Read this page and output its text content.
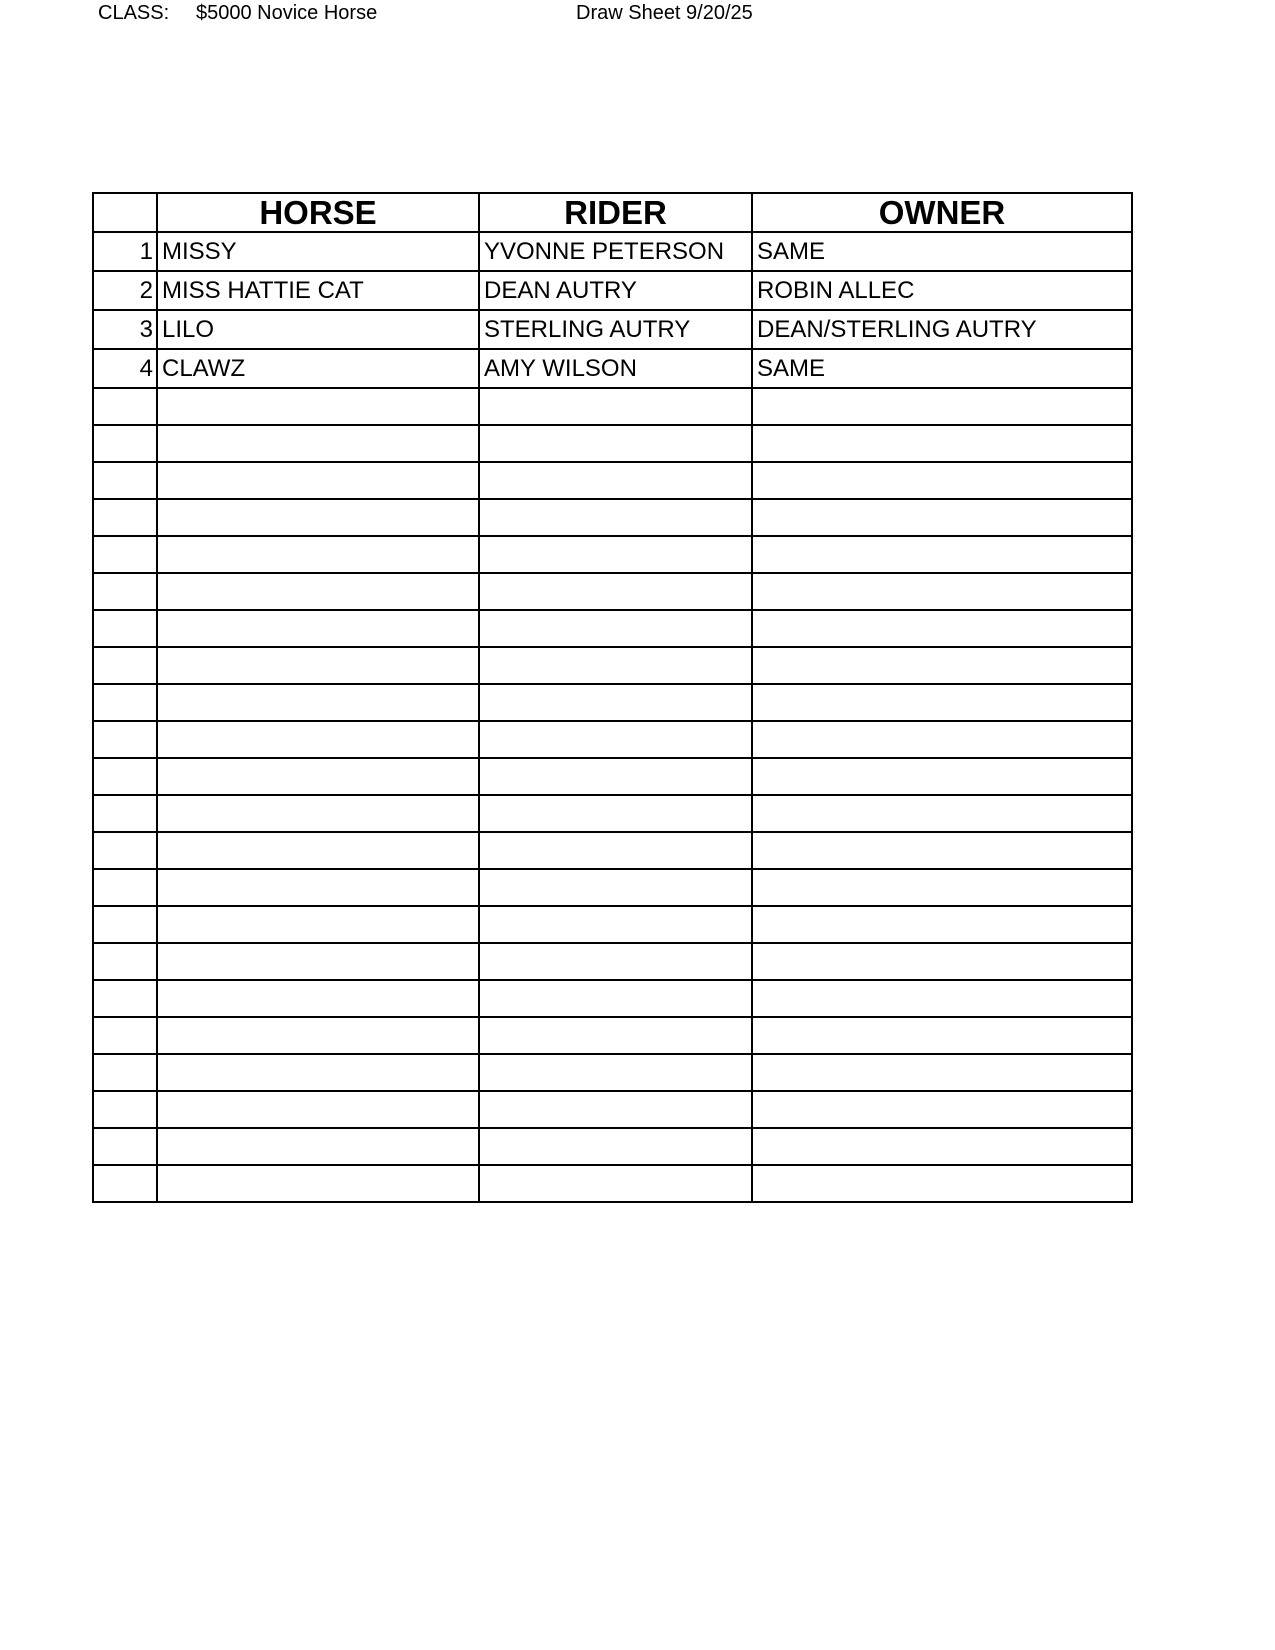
CLASS: $5000 Novice Horse	Draw Sheet 9/20/25
	HORSE	RIDER	OWNER
1	MISSY	YVONNE PETERSON	SAME
2	MISS HATTIE CAT	DEAN AUTRY	ROBIN ALLEC
3	LILO	STERLING AUTRY	DEAN/STERLING AUTRY
4	CLAWZ	AMY WILSON	SAME
